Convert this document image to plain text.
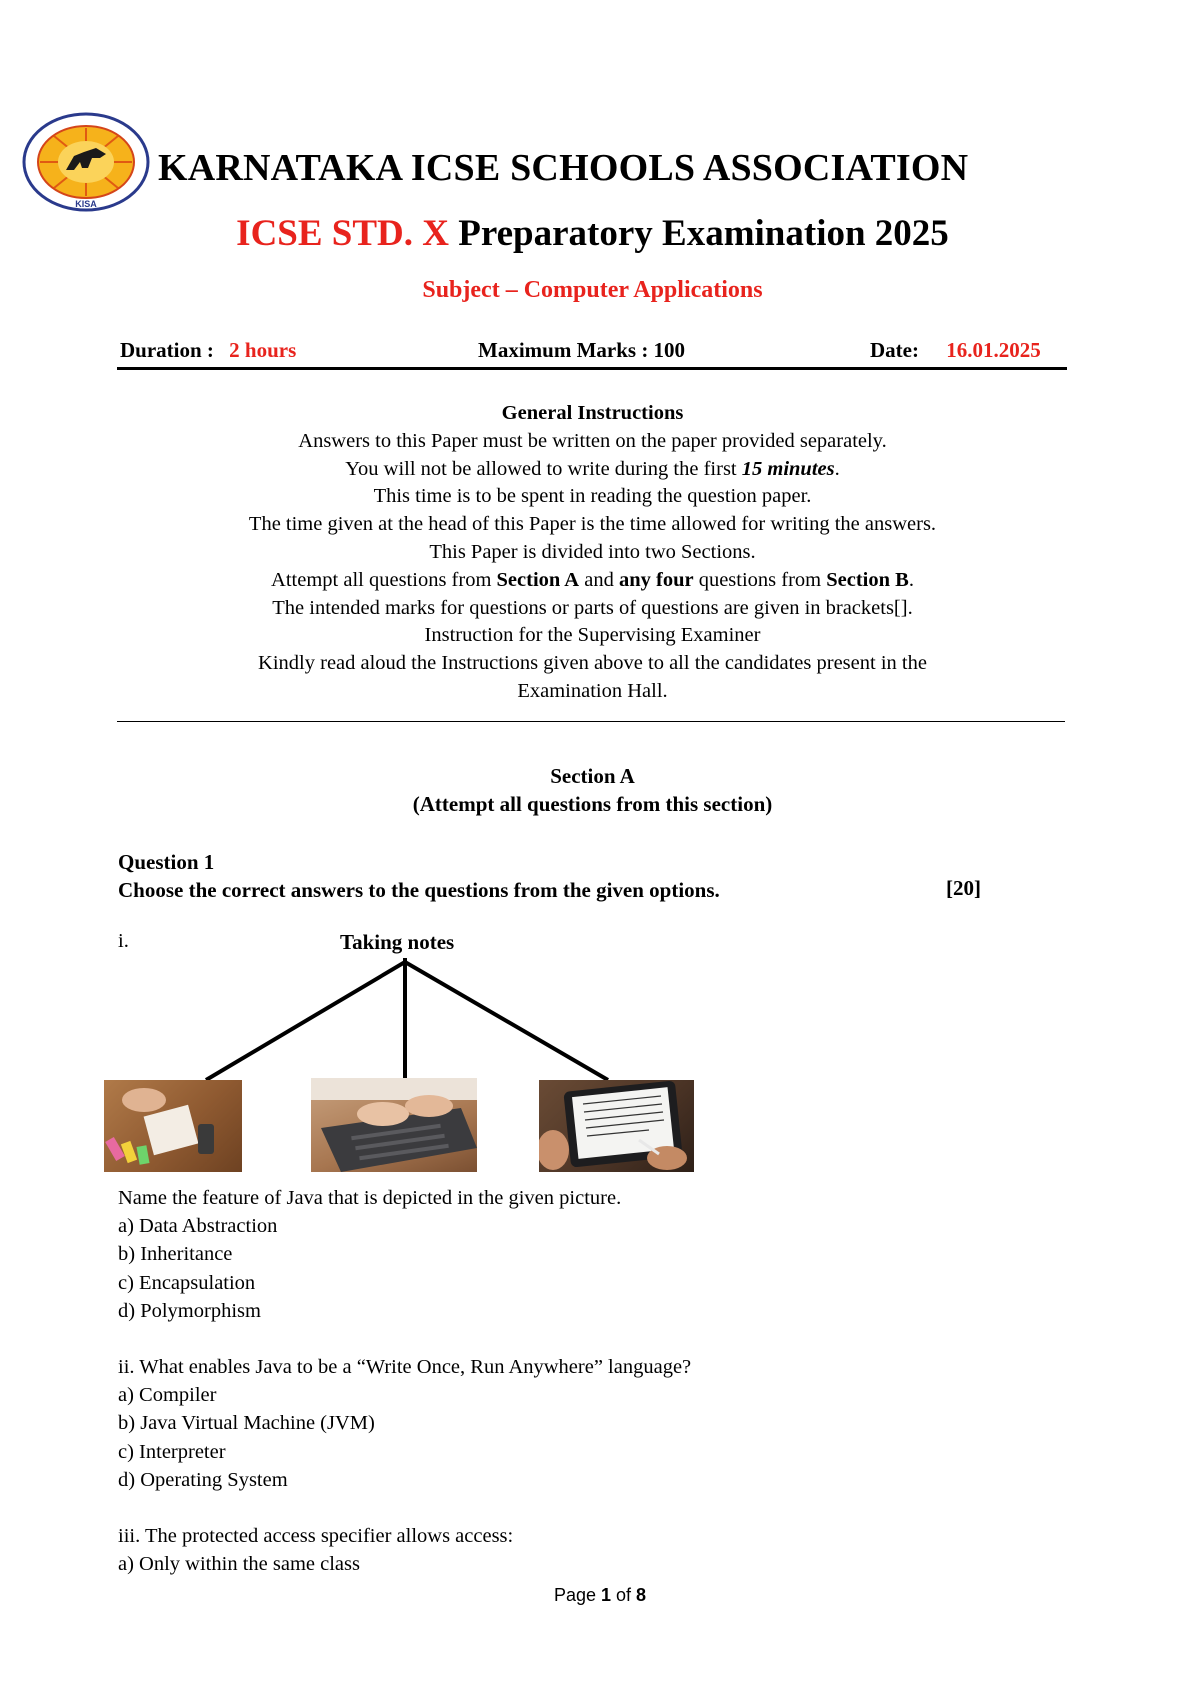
KISA
KARNATAKA ICSE SCHOOLS ASSOCIATION
ICSE STD. X Preparatory Examination 2025
Subject – Computer Applications
Duration : 2 hours	Maximum Marks : 100	Date: 16.01.2025
General Instructions
Answers to this Paper must be written on the paper provided separately.
You will not be allowed to write during the first 15 minutes.
This time is to be spent in reading the question paper.
The time given at the head of this Paper is the time allowed for writing the answers.
This Paper is divided into two Sections.
Attempt all questions from Section A and any four questions from Section B.
The intended marks for questions or parts of questions are given in brackets[].
Instruction for the Supervising Examiner
Kindly read aloud the Instructions given above to all the candidates present in the
Examination Hall.
Section A
(Attempt all questions from this section)
Question 1
Choose the correct answers to the questions from the given options.	[20]
i.	Taking notes
Name the feature of Java that is depicted in the given picture.
a) Data Abstraction
b) Inheritance
c) Encapsulation
d) Polymorphism
ii. What enables Java to be a “Write Once, Run Anywhere” language?
a) Compiler
b) Java Virtual Machine (JVM)
c) Interpreter
d) Operating System
iii. The protected access specifier allows access:
a) Only within the same class
Page 1 of 8
